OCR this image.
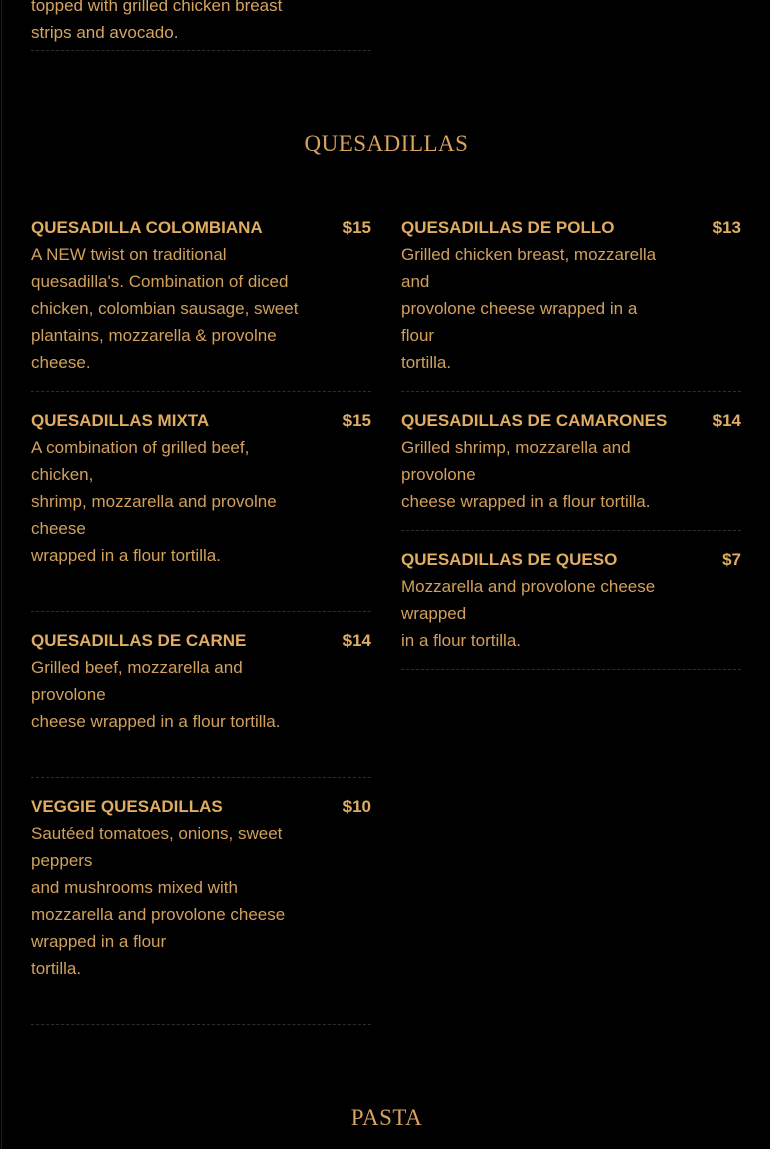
topped with grilled chicken breast
strips and avocado.
QUESADILLAS
QUESADILLA COLOMBIANA	$15
A NEW twist on traditional
quesadilla's. Combination of diced
chicken, colombian sausage, sweet
plantains, mozzarella & provolne
cheese.
QUESADILLAS MIXTA	$15
A combination of grilled beef,
chicken,
shrimp, mozzarella and provolne
cheese
wrapped in a flour tortilla.
QUESADILLAS DE CARNE	$14
Grilled beef, mozzarella and
provolone
cheese wrapped in a flour tortilla.
VEGGIE QUESADILLAS	$10
Sautéed tomatoes, onions, sweet
peppers
and mushrooms mixed with
mozzarella and provolone cheese
wrapped in a flour
tortilla.
QUESADILLAS DE POLLO	$13
Grilled chicken breast, mozzarella
and
provolone cheese wrapped in a
flour
tortilla.
QUESADILLAS DE CAMARONES	$14
Grilled shrimp, mozzarella and
provolone
cheese wrapped in a flour tortilla.
QUESADILLAS DE QUESO	$7
Mozzarella and provolone cheese
wrapped
in a flour tortilla.
PASTA
